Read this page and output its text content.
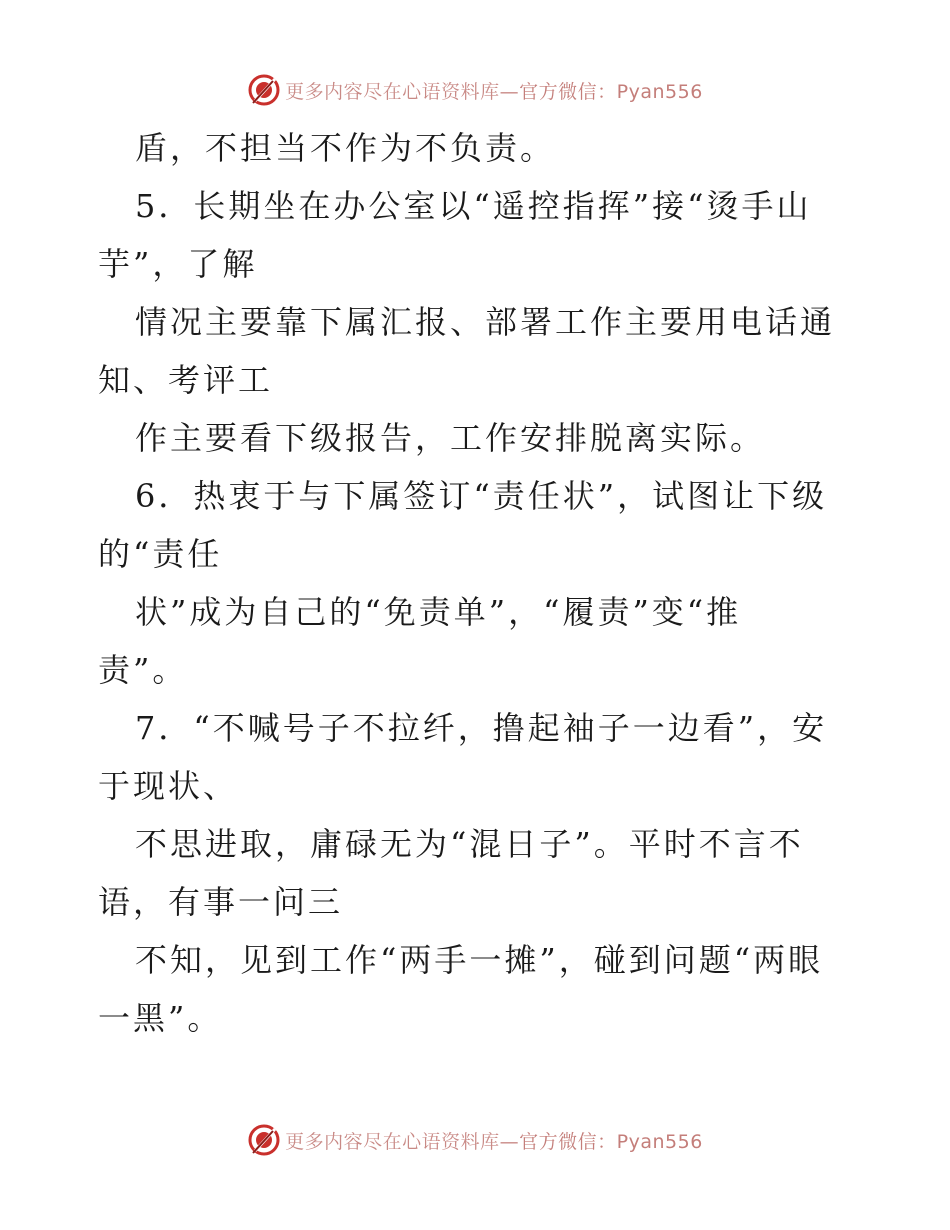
更多内容尽在心语资料库— 官方微信：Pyan556
盾，不担当不作为不负责。
5．长期坐在办公室以“遥控指挥”接“烫手山
芋”，了解
情况主要靠下属汇报、部署工作主要用电话通
知、考评工
作主要看下级报告，工作安排脱离实际。
6．热衷于与下属签订“责任状”，试图让下级
的“责任
状”成为自己的“免责单”，“履责”变“推
责”。
7．“不喊号子不拉纤，撸起袖子一边看”，安
于现状、
不思进取，庸碌无为“混日子”。平时不言不
语，有事一问三
不知，见到工作“两手一摊”，碰到问题“两眼
一黑”。
更多内容尽在心语资料库— 官方微信：Pyan556
